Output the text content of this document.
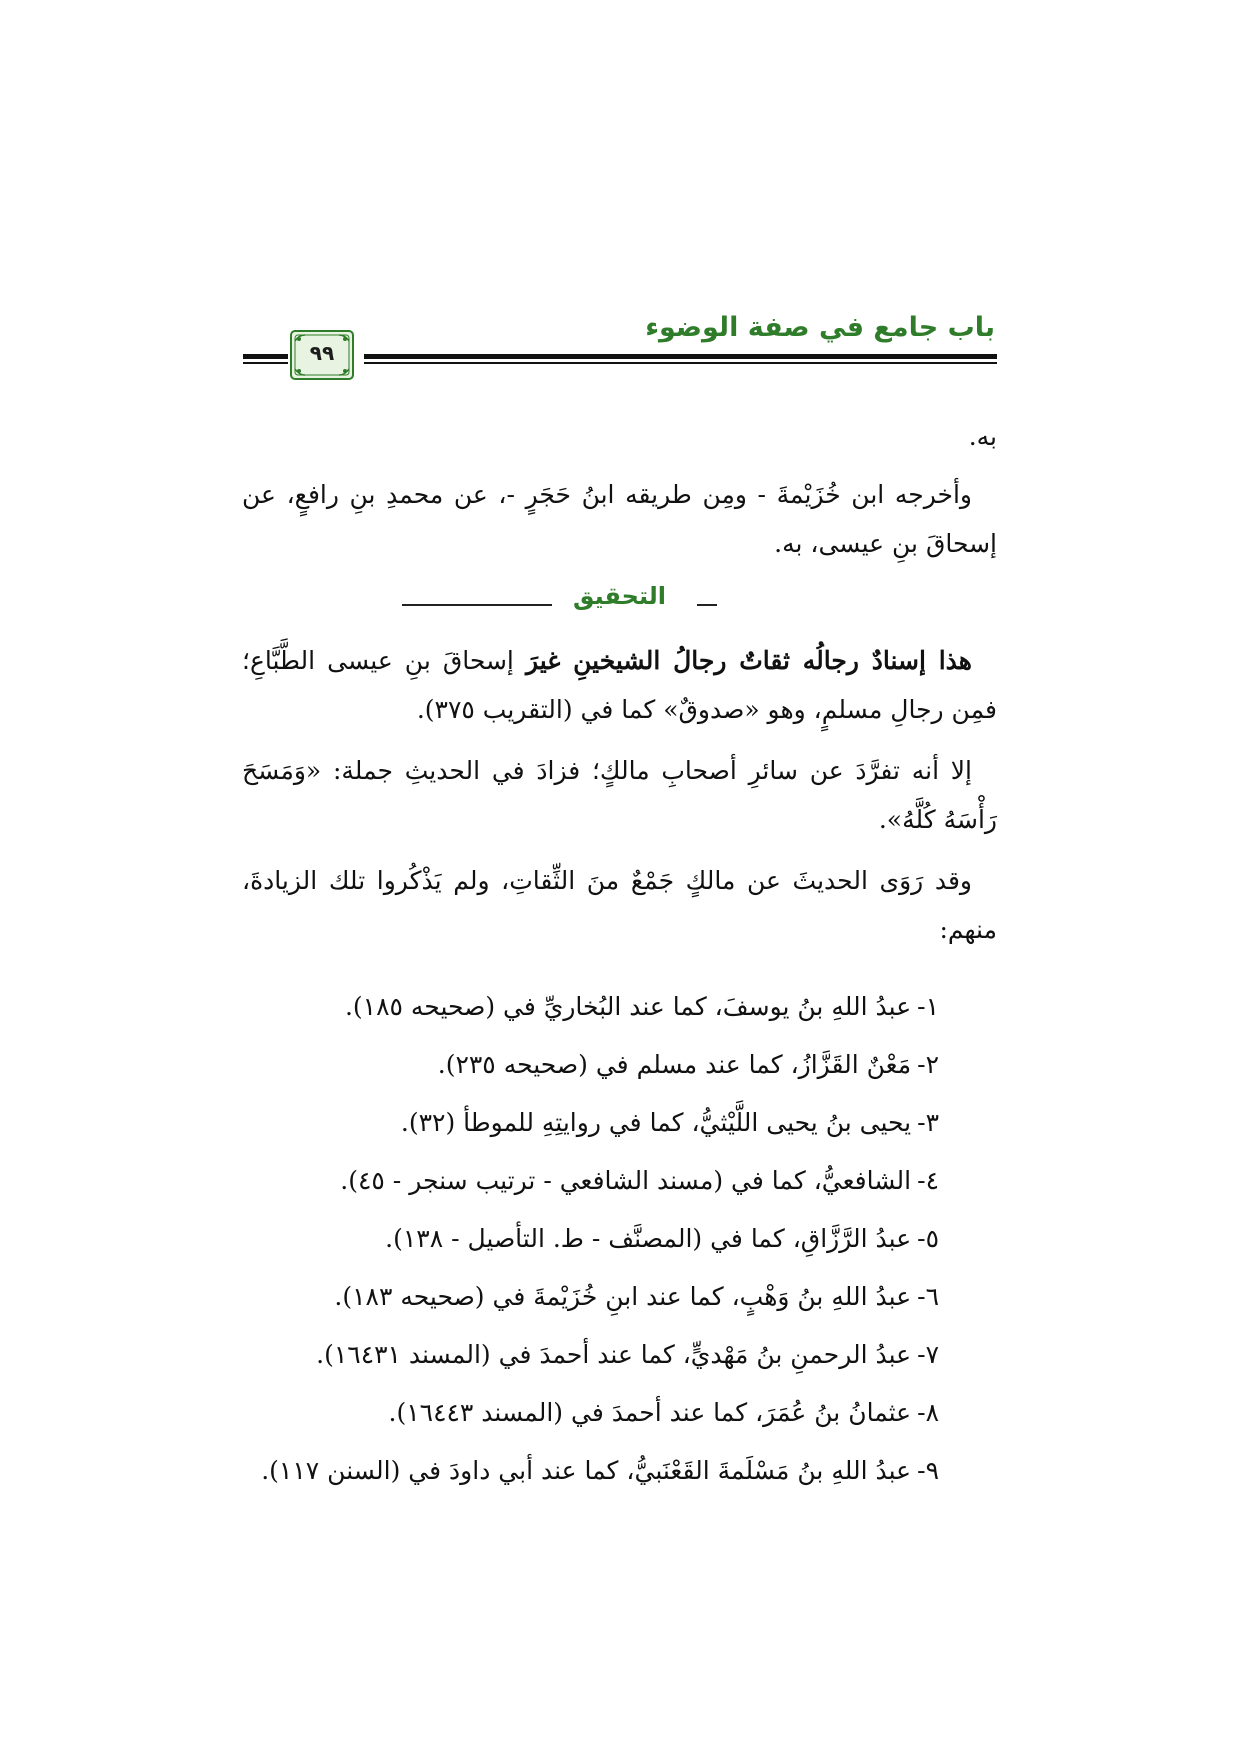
باب جامع في صفة الوضوء
٩٩
به.
وأخرجه ابن خُزَيْمةَ - ومِن طريقه ابنُ حَجَرٍ -، عن محمدِ بنِ رافعٍ، عن إسحاقَ بنِ عيسى، به.
التحقيق
هذا إسنادٌ رجالُه ثقاتٌ رجالُ الشيخينِ غيرَ إسحاقَ بنِ عيسى الطَّبَّاعِ؛ فمِن رجالِ مسلمٍ، وهو «صدوقٌ» كما في (التقريب ٣٧٥).
إلا أنه تفرَّدَ عن سائرِ أصحابِ مالكٍ؛ فزادَ في الحديثِ جملة: «وَمَسَحَ رَأْسَهُ كُلَّهُ».
وقد رَوَى الحديثَ عن مالكٍ جَمْعٌ منَ الثِّقاتِ، ولم يَذْكُروا تلك الزيادةَ، منهم:
١-عبدُ اللهِ بنُ يوسفَ، كما عند البُخاريِّ في (صحيحه ١٨٥).
٢-مَعْنٌ القَزَّازُ، كما عند مسلم في (صحيحه ٢٣٥).
٣-يحيى بنُ يحيى اللَّيْثيُّ، كما في روايتِهِ للموطأ (٣٢).
٤-الشافعيُّ، كما في (مسند الشافعي - ترتيب سنجر - ٤٥).
٥-عبدُ الرَّزَّاقِ، كما في (المصنَّف - ط. التأصيل - ١٣٨).
٦-عبدُ اللهِ بنُ وَهْبٍ، كما عند ابنِ خُزَيْمةَ في (صحيحه ١٨٣).
٧-عبدُ الرحمنِ بنُ مَهْديٍّ، كما عند أحمدَ في (المسند ١٦٤٣١).
٨-عثمانُ بنُ عُمَرَ، كما عند أحمدَ في (المسند ١٦٤٤٣).
٩-عبدُ اللهِ بنُ مَسْلَمةَ القَعْنَبيُّ، كما عند أبي داودَ في (السنن ١١٧).
